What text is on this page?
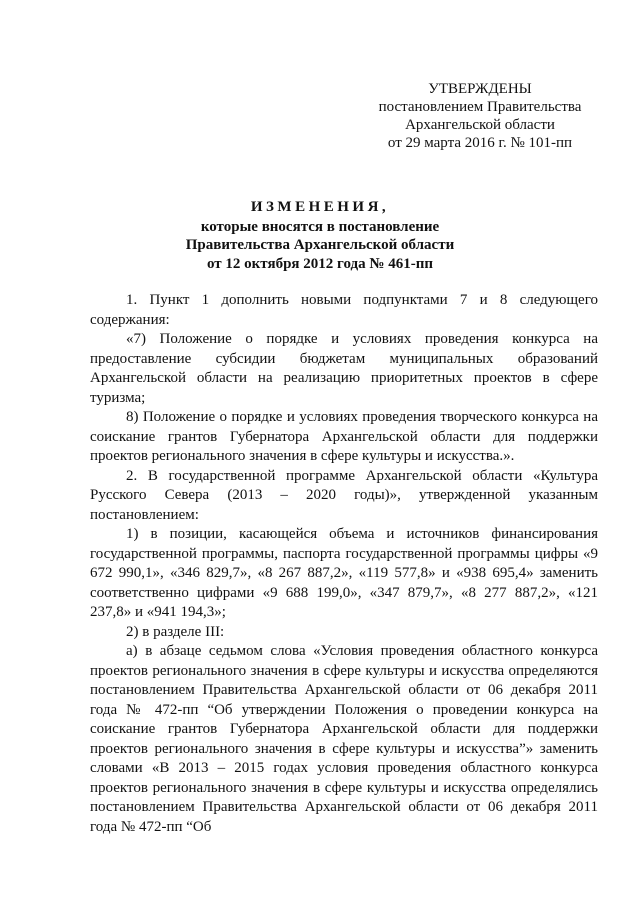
УТВЕРЖДЕНЫ
постановлением Правительства
Архангельской области
от 29 марта 2016 г. № 101-пп
ИЗМЕНЕНИЯ,
которые вносятся в постановление
Правительства Архангельской области
от 12 октября 2012 года № 461-пп

1. Пункт 1 дополнить новыми подпунктами 7 и 8 следующего содержания:

«7) Положение о порядке и условиях проведения конкурса на предоставление субсидии бюджетам муниципальных образований Архангельской области на реализацию приоритетных проектов в сфере туризма;

8) Положение о порядке и условиях проведения творческого конкурса на соискание грантов Губернатора Архангельской области для поддержки проектов регионального значения в сфере культуры и искусства.».

2. В государственной программе Архангельской области «Культура Русского Севера (2013 – 2020 годы)», утвержденной указанным постановлением:

1) в позиции, касающейся объема и источников финансирования государственной программы, паспорта государственной программы цифры «9 672 990,1», «346 829,7», «8 267 887,2», «119 577,8» и «938 695,4» заменить соответственно цифрами «9 688 199,0», «347 879,7», «8 277 887,2», «121 237,8» и «941 194,3»;

2) в разделе III:

а) в абзаце седьмом слова «Условия проведения областного конкурса проектов регионального значения в сфере культуры и искусства определяются постановлением Правительства Архангельской области от 06 декабря 2011 года № 472-пп “Об утверждении Положения о проведении конкурса на соискание грантов Губернатора Архангельской области для поддержки проектов регионального значения в сфере культуры и искусства”» заменить словами «В 2013 – 2015 годах условия проведения областного конкурса проектов регионального значения в сфере культуры и искусства определялись постановлением Правительства Архангельской области от 06 декабря 2011 года № 472-пп “Об
